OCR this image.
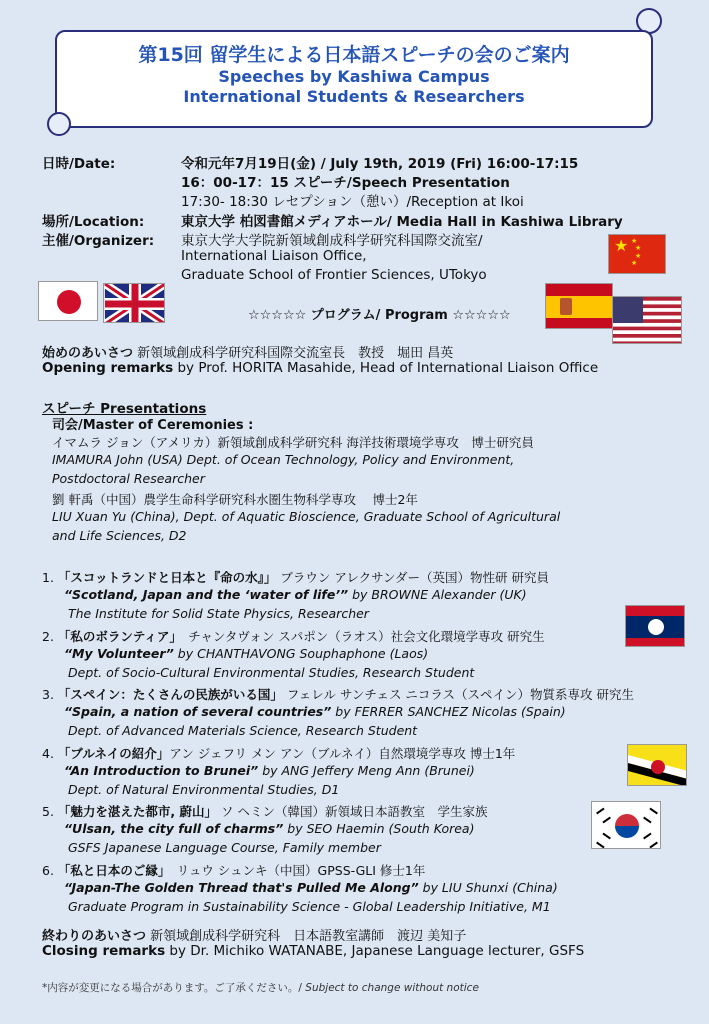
第15回 留学生による日本語スピーチの会のご案内
Speeches by Kashiwa Campus
International Students & Researchers
日時/Date:	令和元年7月19日(金) / July 19th, 2019 (Fri) 16:00-17:15
16：00-17：15 スピーチ/Speech Presentation
17:30- 18:30 レセプション（憩い）/Reception at Ikoi
場所/Location:	東京大学 柏図書館メディアホール/ Media Hall in Kashiwa Library
主催/Organizer: 東京大学大学院新領域創成科学研究科国際交流室/
International Liaison Office,
Graduate School of Frontier Sciences, UTokyo
★ ★
★
★
★
☆☆☆☆☆ プログラム/ Program ☆☆☆☆☆
始めのあいさつ 新領域創成科学研究科国際交流室長　教授　堀田 昌英
Opening remarks by Prof. HORITA Masahide, Head of International Liaison Office
スピーチ Presentations
司会/Master of Ceremonies :
イマムラ ジョン（アメリカ）新領域創成科学研究科 海洋技術環境学専攻　博士研究員
IMAMURA John (USA) Dept. of Ocean Technology, Policy and Environment,
Postdoctoral Researcher
劉 軒禹（中国）農学生命科学研究科水圏生物科学専攻　 博士2年
LIU Xuan Yu (China), Dept. of Aquatic Bioscience, Graduate School of Agricultural
and Life Sciences, D2
1. 「スコットランドと日本と『命の水』」 ブラウン アレクサンダー（英国）物性研 研究員
“Scotland, Japan and the ‘water of life’” by BROWNE Alexander (UK)
The Institute for Solid State Physics, Researcher
2. 「私のボランティア」　チャンタヴォン スパポン（ラオス）社会文化環境学専攻 研究生
“My Volunteer” by CHANTHAVONG Souphaphone (Laos)
Dept. of Socio-Cultural Environmental Studies, Research Student
3. 「スペイン：たくさんの民族がいる国」 フェレル サンチェス ニコラス（スペイン）物質系専攻 研究生
“Spain, a nation of several countries” by FERRER SANCHEZ Nicolas (Spain)
Dept. of Advanced Materials Science, Research Student
4. 「ブルネイの紹介」アン ジェフリ メン アン（ブルネイ）自然環境学専攻 博士1年
“An Introduction to Brunei” by ANG Jeffery Meng Ann (Brunei)
Dept. of Natural Environmental Studies, D1
5. 「魅力を湛えた都市, 蔚山」 ソ ヘミン（韓国）新領域日本語教室　学生家族
“Ulsan, the city full of charms” by SEO Haemin (South Korea)
GSFS Japanese Language Course, Family member
6. 「私と日本のご縁」　リュウ シュンキ（中国）GPSS-GLI 修士1年
“Japan-The Golden Thread that's Pulled Me Along” by LIU Shunxi (China)
Graduate Program in Sustainability Science - Global Leadership Initiative, M1
終わりのあいさつ 新領域創成科学研究科　日本語教室講師　渡辺 美知子
Closing remarks by Dr. Michiko WATANABE, Japanese Language lecturer, GSFS
*内容が変更になる場合があります。ご了承ください。/ Subject to change without notice
